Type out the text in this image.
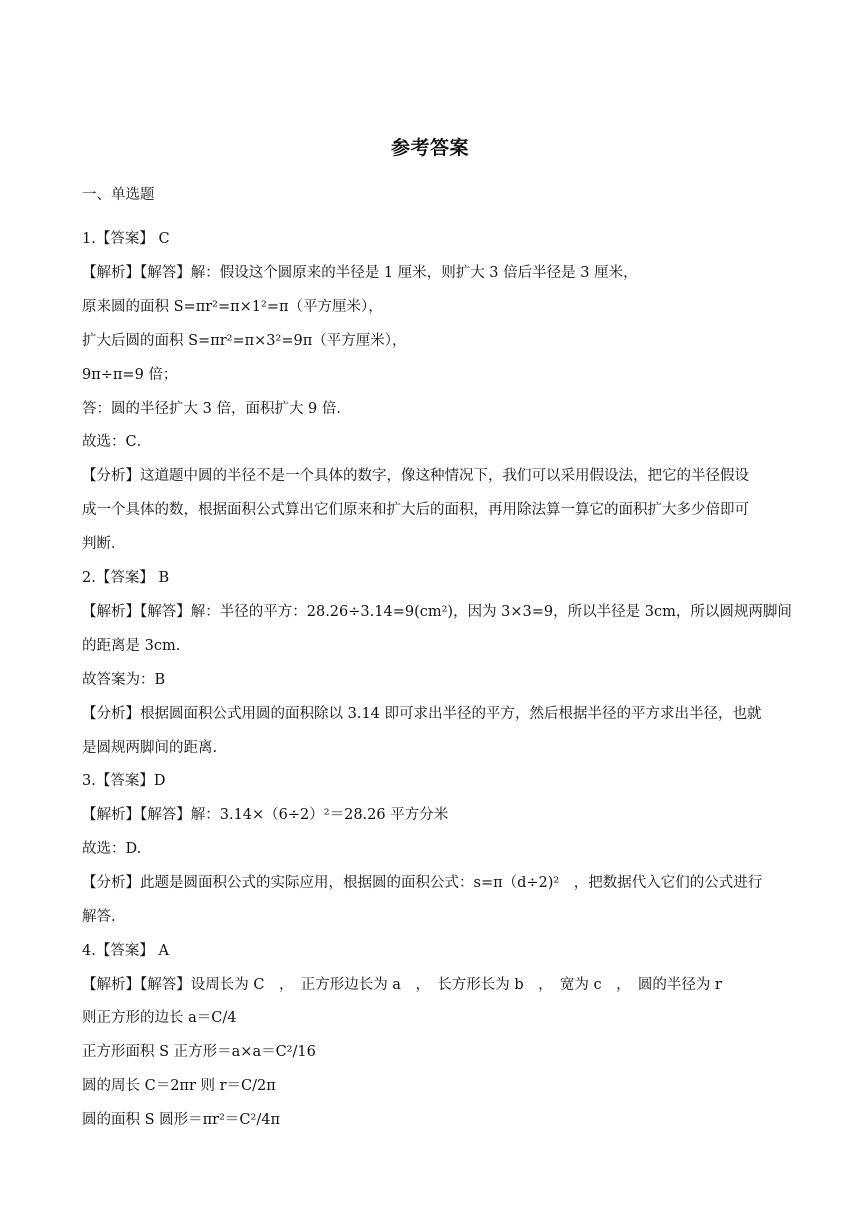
参考答案
一、单选题
1.【答案】 C
【解析】【解答】解：假设这个圆原来的半径是 1 厘米，则扩大 3 倍后半径是 3 厘米，
原来圆的面积 S=πr²=π×1²=π（平方厘米），
扩大后圆的面积 S=πr²=π×3²=9π（平方厘米），
9π÷π=9 倍；
答：圆的半径扩大 3 倍，面积扩大 9 倍．
故选：C．
【分析】这道题中圆的半径不是一个具体的数字，像这种情况下，我们可以采用假设法，把它的半径假设
成一个具体的数，根据面积公式算出它们原来和扩大后的面积，再用除法算一算它的面积扩大多少倍即可
判断．
2.【答案】 B
【解析】【解答】解：半径的平方：28.26÷3.14=9(cm²)，因为 3×3=9，所以半径是 3cm，所以圆规两脚间
的距离是 3cm.
故答案为：B
【分析】根据圆面积公式用圆的面积除以 3.14 即可求出半径的平方，然后根据半径的平方求出半径，也就
是圆规两脚间的距离.
3.【答案】D
【解析】【解答】解：3.14×（6÷2）²＝28.26 平方分米
故选：D.
【分析】此题是圆面积公式的实际应用，根据圆的面积公式：s=π（d÷2)²　，把数据代入它们的公式进行
解答.
4.【答案】 A
【解析】【解答】设周长为 C　，　正方形边长为 a　，　长方形长为 b　，　宽为 c　，　圆的半径为 r
则正方形的边长 a＝C/4
正方形面积 S 正方形＝a×a＝C²/16
圆的周长 C＝2πr 则 r＝C/2π
圆的面积 S 圆形＝πr²＝C²/4π
